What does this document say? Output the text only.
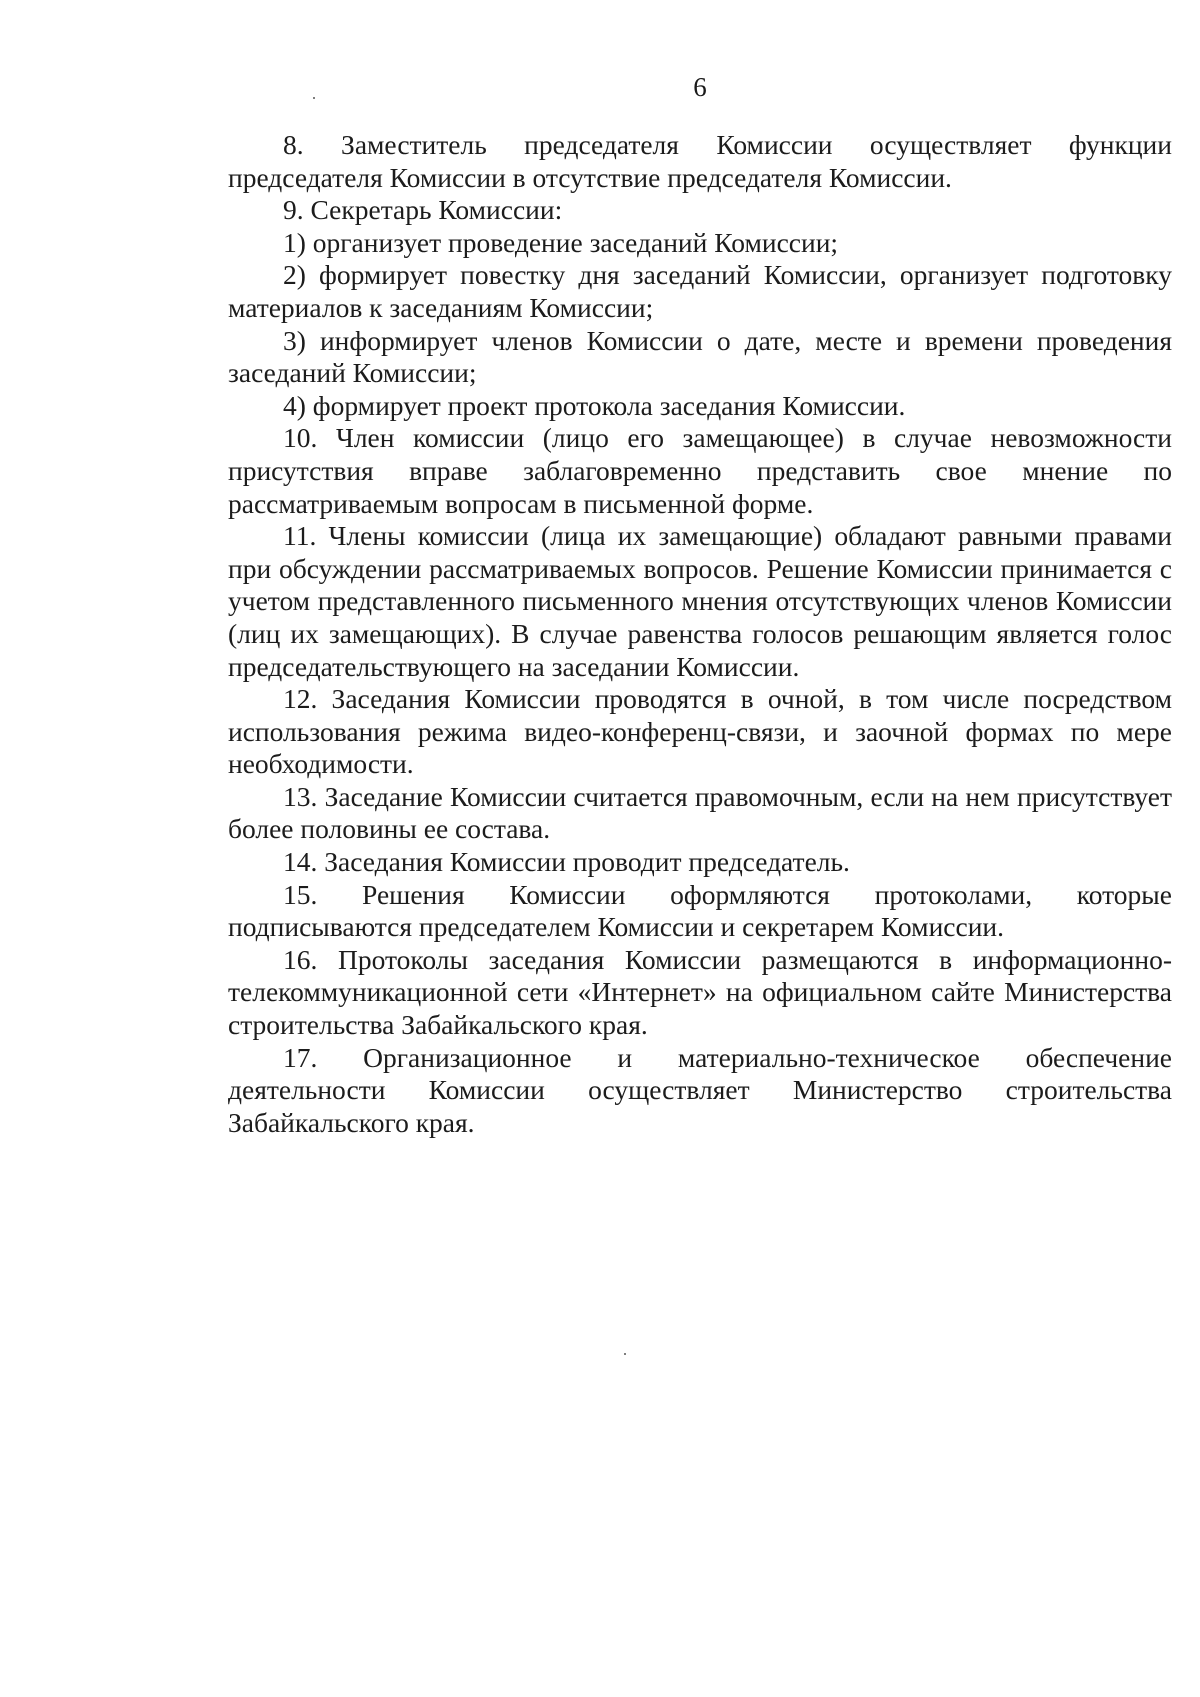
6

8. Заместитель председателя Комиссии осуществляет функции председателя Комиссии в отсутствие председателя Комиссии.

9. Секретарь Комиссии:

1) организует проведение заседаний Комиссии;

2) формирует повестку дня заседаний Комиссии, организует подготовку материалов к заседаниям Комиссии;

3) информирует членов Комиссии о дате, месте и времени проведения заседаний Комиссии;

4) формирует проект протокола заседания Комиссии.

10. Член комиссии (лицо его замещающее) в случае невозможности присутствия вправе заблаговременно представить свое мнение по рассматриваемым вопросам в письменной форме.

11. Члены комиссии (лица их замещающие) обладают равными правами при обсуждении рассматриваемых вопросов. Решение Комиссии принимается с учетом представленного письменного мнения отсутствующих членов Комиссии (лиц их замещающих). В случае равенства голосов решающим является голос председательствующего на заседании Комиссии.

12. Заседания Комиссии проводятся в очной, в том числе посредством использования режима видео-конференц-связи, и заочной формах по мере необходимости.

13. Заседание Комиссии считается правомочным, если на нем присутствует более половины ее состава.

14. Заседания Комиссии проводит председатель.

15. Решения Комиссии оформляются протоколами, которые подписываются председателем Комиссии и секретарем Комиссии.

16. Протоколы заседания Комиссии размещаются в информационно-телекоммуникационной сети «Интернет» на официальном сайте Министерства строительства Забайкальского края.

17. Организационное и материально-техническое обеспечение деятельности Комиссии осуществляет Министерство строительства Забайкальского края.
